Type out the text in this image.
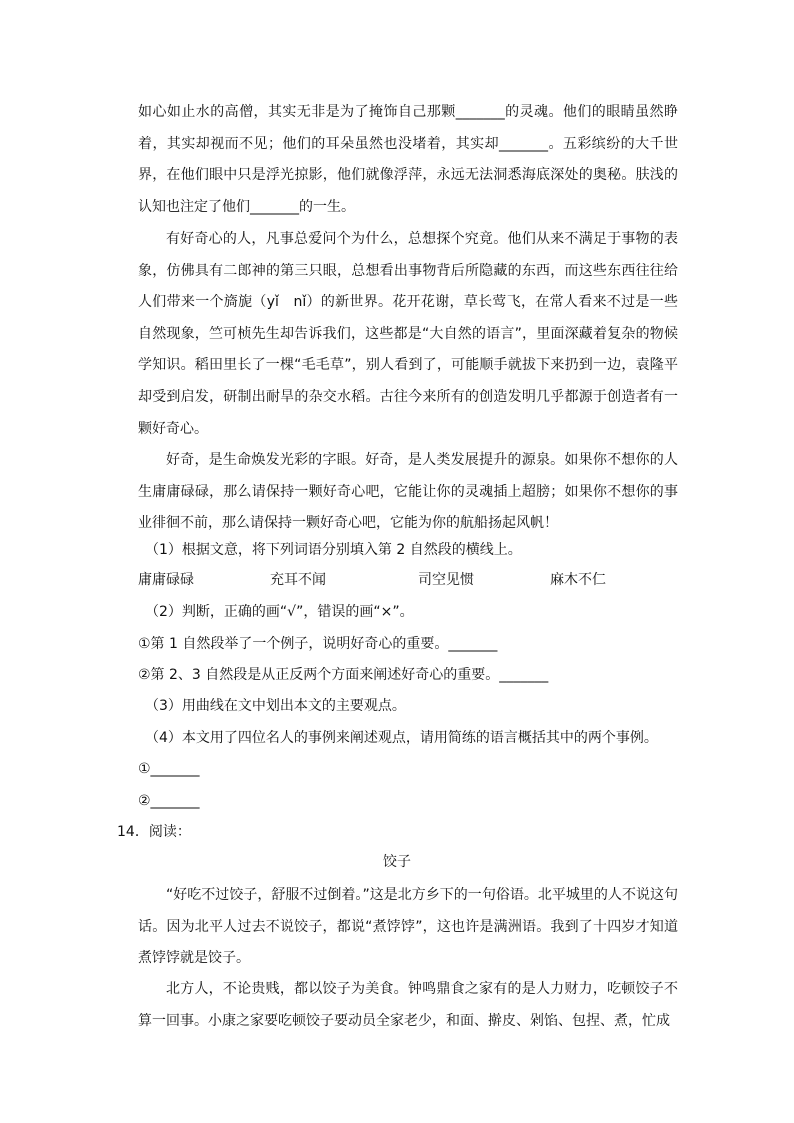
如心如止水的高僧，其实无非是为了掩饰自己那颗_______的灵魂。他们的眼睛虽然睁着，其实却视而不见；他们的耳朵虽然也没堵着，其实却_______。五彩缤纷的大千世界，在他们眼中只是浮光掠影，他们就像浮萍，永远无法洞悉海底深处的奥秘。肤浅的认知也注定了他们_______的一生。

有好奇心的人，凡事总爱问个为什么，总想探个究竟。他们从来不满足于事物的表象，仿佛具有二郎神的第三只眼，总想看出事物背后所隐藏的东西，而这些东西往往给人们带来一个旖旎（yǐ　nǐ）的新世界。花开花谢，草长莺飞，在常人看来不过是一些自然现象，竺可桢先生却告诉我们，这些都是“大自然的语言”，里面深藏着复杂的物候学知识。稻田里长了一棵“毛毛草”，别人看到了，可能顺手就拔下来扔到一边，袁隆平却受到启发，研制出耐旱的杂交水稻。古往今来所有的创造发明几乎都源于创造者有一颗好奇心。

好奇，是生命焕发光彩的字眼。好奇，是人类发展提升的源泉。如果你不想你的人生庸庸碌碌，那么请保持一颗好奇心吧，它能让你的灵魂插上超膀；如果你不想你的事业徘徊不前，那么请保持一颗好奇心吧，它能为你的航船扬起风帆！

（1）根据文意，将下列词语分别填入第 2 自然段的横线上。
庸庸碌碌	充耳不闻	司空见惯	麻木不仁
（2）判断，正确的画“√”，错误的画“×”。
①第 1 自然段举了一个例子，说明好奇心的重要。_______
②第 2、3 自然段是从正反两个方面来阐述好奇心的重要。_______
（3）用曲线在文中划出本文的主要观点。
（4）本文用了四位名人的事例来阐述观点，请用简练的语言概括其中的两个事例。
①_______
②_______
14．阅读：
饺子

“好吃不过饺子，舒服不过倒着。”这是北方乡下的一句俗语。北平城里的人不说这句话。因为北平人过去不说饺子，都说“煮饽饽”，这也许是满洲语。我到了十四岁才知道煮饽饽就是饺子。

北方人，不论贵贱，都以饺子为美食。钟鸣鼎食之家有的是人力财力，吃顿饺子不算一回事。小康之家要吃顿饺子要动员全家老少，和面、擀皮、剁馅、包捏、煮，忙成
